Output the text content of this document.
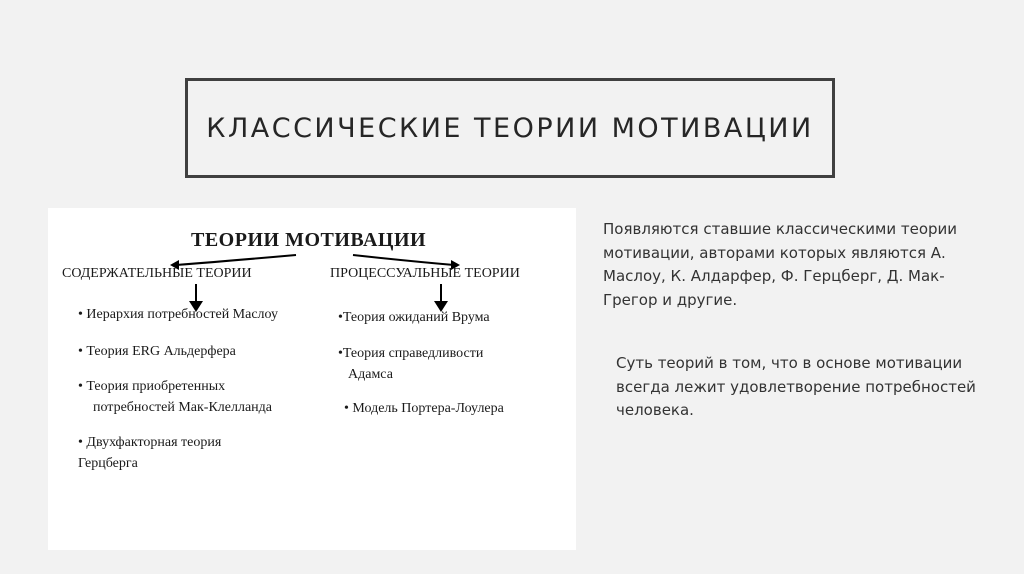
КЛАССИЧЕСКИЕ ТЕОРИИ МОТИВАЦИИ
ТЕОРИИ МОТИВАЦИИ
СОДЕРЖАТЕЛЬНЫЕ ТЕОРИИ	ПРОЦЕССУАЛЬНЫЕ ТЕОРИИ
• Иерархия потребностей Маслоу
• Теория ERG Альдерфера
• Теория приобретенных
потребностей Мак-Клелланда
• Двухфакторная теория
Герцберга
•Теория ожиданий Врума
•Теория справедливости
Адамса
• Модель Портера-Лоулера
Появляются ставшие классическими теории мотивации, авторами которых являются А. Маслоу, К. Алдарфер, Ф. Герцберг, Д. Мак-Грегор и другие.
Суть теорий в том, что в основе мотивации всегда лежит удовлетворение потребностей человека.
